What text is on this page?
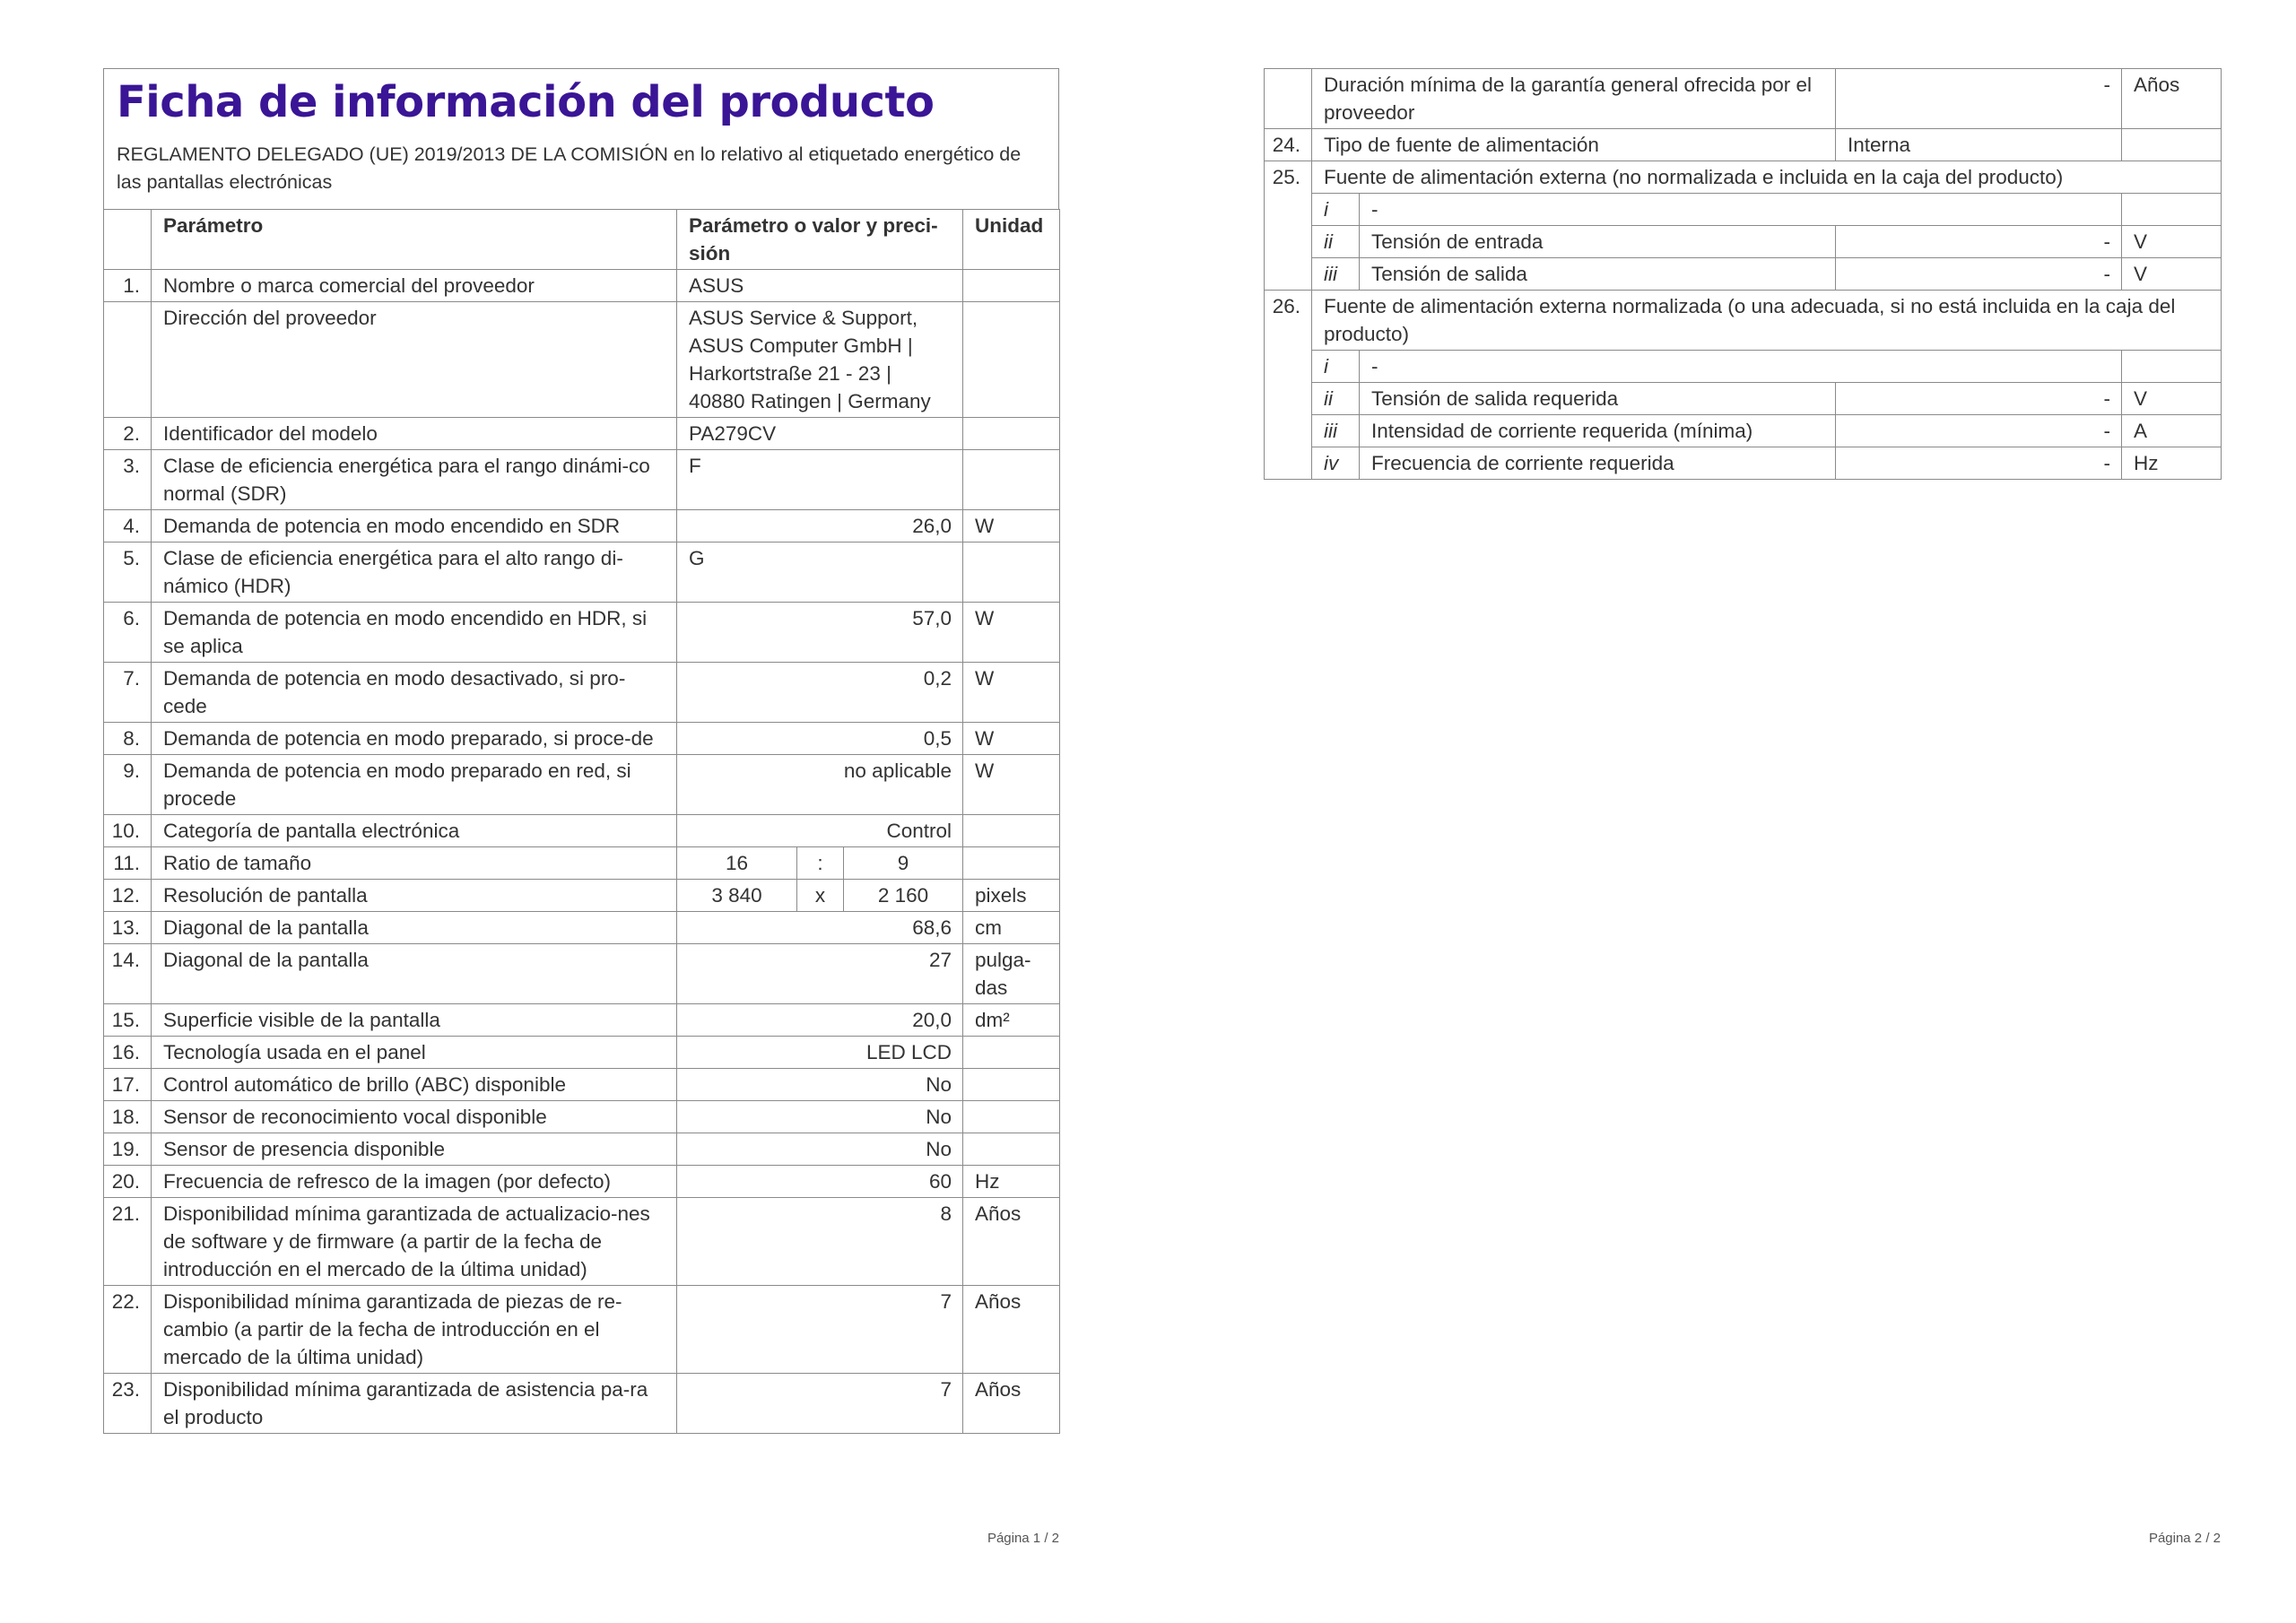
Ficha de información del producto
REGLAMENTO DELEGADO (UE) 2019/2013 DE LA COMISIÓN en lo relativo al etiquetado energético de las pantallas electrónicas
	Parámetro	Parámetro o valor y preci-sión			Unidad
1.	Nombre o marca comercial del proveedor	ASUS			
	Dirección del proveedor	ASUS Service & Support, ASUS Computer GmbH | Harkortstraße 21 - 23 | 40880 Ratingen | Germany			
2.	Identificador del modelo	PA279CV			
3.	Clase de eficiencia energética para el rango dinámi-co normal (SDR)	F			
4.	Demanda de potencia en modo encendido en SDR	26,0			W
5.	Clase de eficiencia energética para el alto rango di-námico (HDR)	G			
6.	Demanda de potencia en modo encendido en HDR, si se aplica	57,0			W
7.	Demanda de potencia en modo desactivado, si pro-cede	0,2			W
8.	Demanda de potencia en modo preparado, si proce-de	0,5			W
9.	Demanda de potencia en modo preparado en red, si procede	no aplicable			W
10.	Categoría de pantalla electrónica	Control			
11.	Ratio de tamaño	16	:	9	
12.	Resolución de pantalla	3 840	x	2 160	pixels
13.	Diagonal de la pantalla	68,6			cm
14.	Diagonal de la pantalla	27			pulga-das
15.	Superficie visible de la pantalla	20,0			dm²
16.	Tecnología usada en el panel	LED LCD			
17.	Control automático de brillo (ABC) disponible	No			
18.	Sensor de reconocimiento vocal disponible	No			
19.	Sensor de presencia disponible	No			
20.	Frecuencia de refresco de la imagen (por defecto)	60			Hz
21.	Disponibilidad mínima garantizada de actualizacio-nes de software y de firmware (a partir de la fecha de introducción en el mercado de la última unidad)	8			Años
22.	Disponibilidad mínima garantizada de piezas de re-cambio (a partir de la fecha de introducción en el mercado de la última unidad)	7			Años
23.	Disponibilidad mínima garantizada de asistencia pa-ra el producto	7			Años
Página 1 / 2
	Duración mínima de la garantía general ofrecida por el proveedor		-	Años
24.	Tipo de fuente de alimentación		Interna	
25.	Fuente de alimentación externa (no normalizada e incluida en la caja del producto)			
	i	-		
	ii	Tensión de entrada	-	V
	iii	Tensión de salida	-	V
26.	Fuente de alimentación externa normalizada (o una adecuada, si no está incluida en la caja del producto)			
	i	-		
	ii	Tensión de salida requerida	-	V
	iii	Intensidad de corriente requerida (mínima)	-	A
	iv	Frecuencia de corriente requerida	-	Hz
Página 2 / 2
